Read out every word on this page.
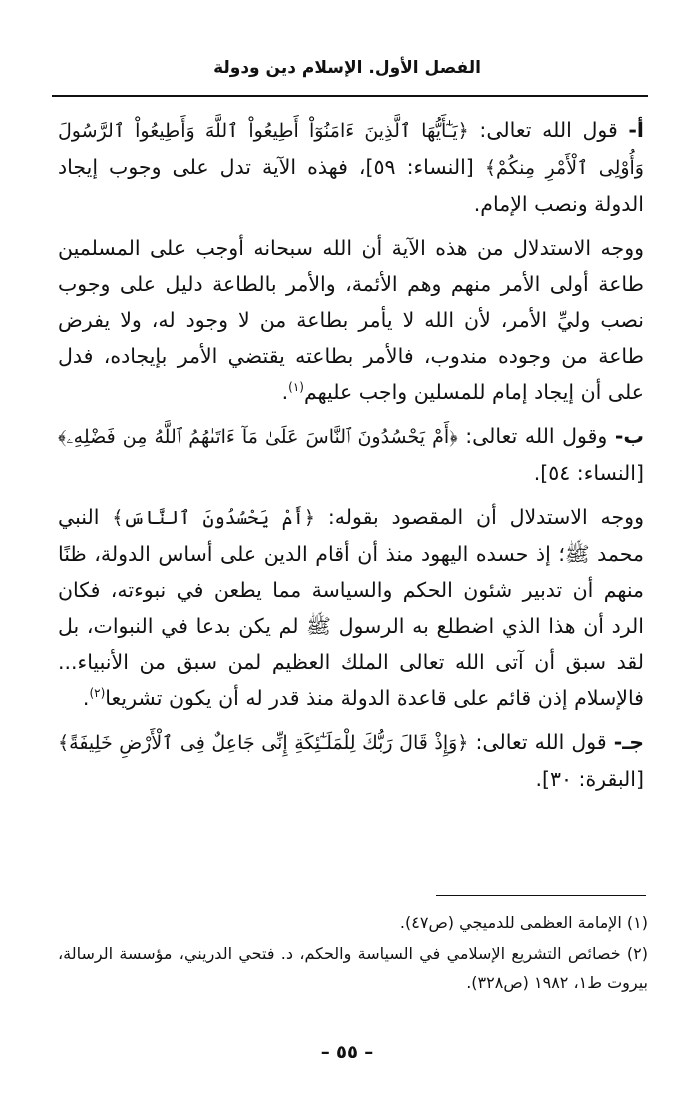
الفصل الأول. الإسلام دين ودولة

أ- قول الله تعالى: ﴿يَـٰٓأَيُّهَا ٱلَّذِينَ ءَامَنُوٓاْ أَطِيعُواْ ٱللَّهَ وَأَطِيعُواْ ٱلرَّسُولَ وَأُوْلِى ٱلْأَمْرِ مِنكُمْ﴾ [النساء: ٥٩]، فهذه الآية تدل على وجوب إيجاد الدولة ونصب الإمام.

ووجه الاستدلال من هذه الآية أن الله سبحانه أوجب على المسلمين طاعة أولى الأمر منهم وهم الأئمة، والأمر بالطاعة دليل على وجوب نصب وليِّ الأمر، لأن الله لا يأمر بطاعة من لا وجود له، ولا يفرض طاعة من وجوده مندوب، فالأمر بطاعته يقتضي الأمر بإيجاده، فدل على أن إيجاد إمام للمسلين واجب عليهم$^{(١)}$.

ب- وقول الله تعالى: ﴿أَمْ يَحْسُدُونَ ٱلنَّاسَ عَلَىٰ مَآ ءَاتَىٰهُمُ ٱللَّهُ مِن فَضْلِهِۦ﴾ [النساء: ٥٤].

ووجه الاستدلال أن المقصود بقوله: ﴿أَمْ يَحْسُدُونَ ٱلنَّاسَ﴾ النبي محمد ﷺ؛ إذ حسده اليهود منذ أن أقام الدين على أساس الدولة، ظنًا منهم أن تدبير شئون الحكم والسياسة مما يطعن في نبوءته، فكان الرد أن هذا الذي اضطلع به الرسول ﷺ لم يكن بدعا في النبوات، بل لقد سبق أن آتى الله تعالى الملك العظيم لمن سبق من الأنبياء... فالإسلام إذن قائم على قاعدة الدولة منذ قدر له أن يكون تشريعا$^{(٢)}$.

جـ- قول الله تعالى: ﴿وَإِذْ قَالَ رَبُّكَ لِلْمَلَـٰٓئِكَةِ إِنِّى جَاعِلٌ فِى ٱلْأَرْضِ خَلِيفَةً﴾ [البقرة: ٣٠].

(١) الإمامة العظمى للدميجي (ص٤٧).

(٢) خصائص التشريع الإسلامي في السياسة والحكم، د. فتحي الدريني، مؤسسة الرسالة، بيروت ط١، ١٩٨٢ (ص٣٢٨).

– ٥٥ –
